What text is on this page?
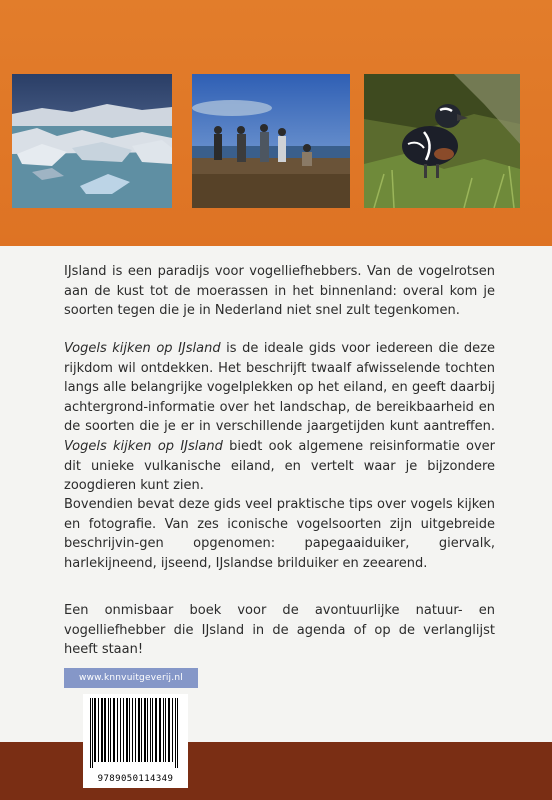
IJsland is een paradijs voor vogelliefhebbers. Van de vogelrotsen aan de kust tot de moerassen in het binnenland: overal kom je soorten tegen die je in Nederland niet snel zult tegenkomen.

Vogels kijken op IJsland is de ideale gids voor iedereen die deze rijkdom wil ontdekken. Het beschrijft twaalf afwisselende tochten langs alle belangrijke vogelplekken op het eiland, en geeft daarbij achtergrond-informatie over het landschap, de bereikbaarheid en de soorten die je er in verschillende jaargetijden kunt aantreffen. Vogels kijken op IJsland biedt ook algemene reisinformatie over dit unieke vulkanische eiland, en vertelt waar je bijzondere zoogdieren kunt zien.

Bovendien bevat deze gids veel praktische tips over vogels kijken en fotografie. Van zes iconische vogelsoorten zijn uitgebreide beschrijvin-gen opgenomen: papegaaiduiker, giervalk, harlekijneend, ijseend, IJslandse brilduiker en zeearend.

Een onmisbaar boek voor de avontuurlijke natuur- en vogelliefhebber die IJsland in de agenda of op de verlanglijst heeft staan!

www.knnvuitgeverij.nl
9789050114349
